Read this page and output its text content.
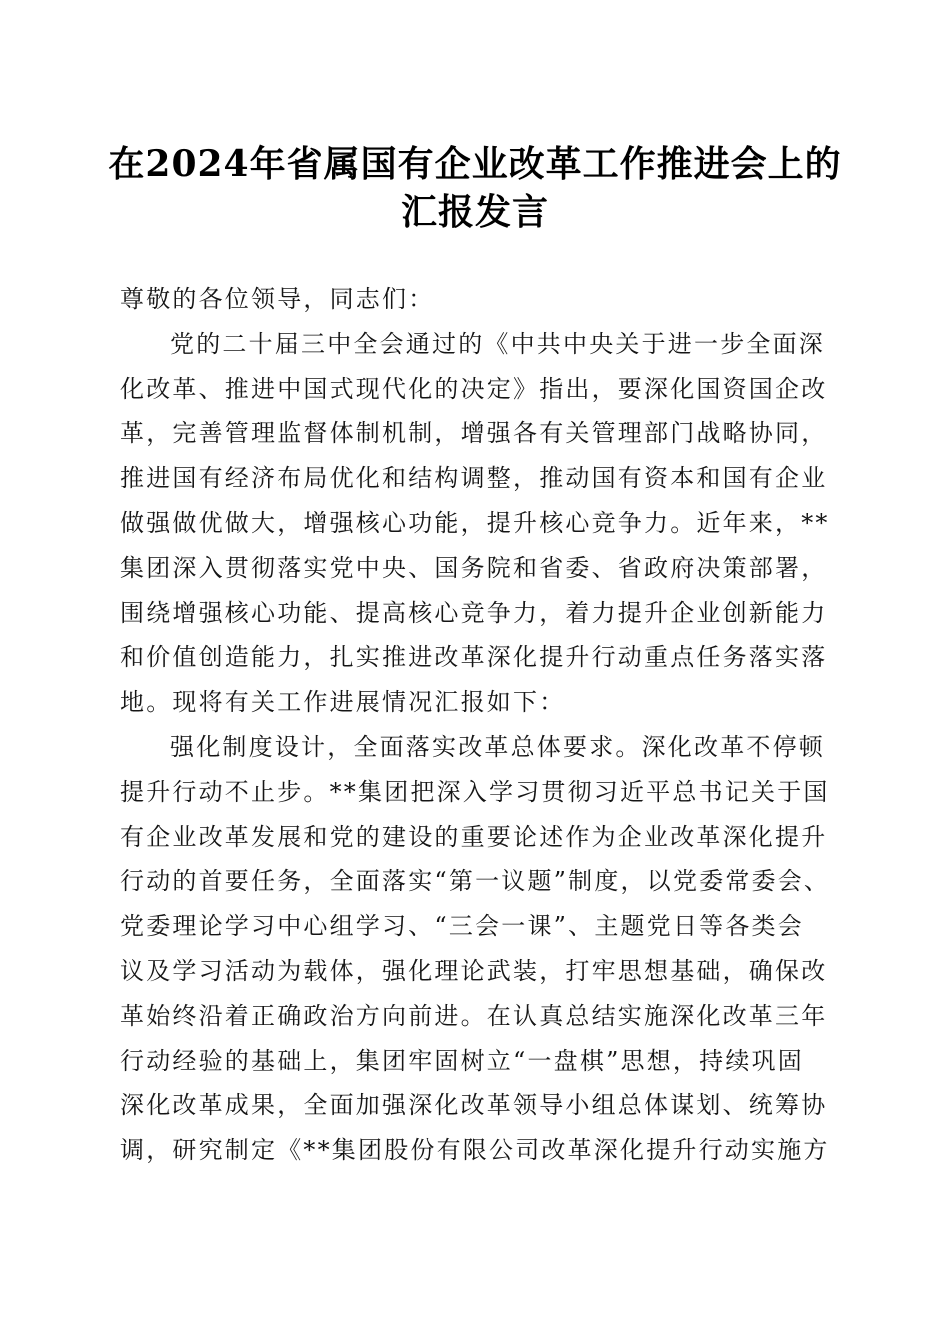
在2024年省属国有企业改革工作推进会上的
汇报发言
尊敬的各位领导，同志们：
党的二十届三中全会通过的《中共中央关于进一步全面深
化改革、推进中国式现代化的决定》指出，要深化国资国企改
革，完善管理监督体制机制，增强各有关管理部门战略协同，
推进国有经济布局优化和结构调整，推动国有资本和国有企业
做强做优做大，增强核心功能，提升核心竞争力。近年来，**
集团深入贯彻落实党中央、国务院和省委、省政府决策部署，
围绕增强核心功能、提高核心竞争力，着力提升企业创新能力
和价值创造能力，扎实推进改革深化提升行动重点任务落实落
地。现将有关工作进展情况汇报如下：
强化制度设计，全面落实改革总体要求。深化改革不停顿
提升行动不止步。**集团把深入学习贯彻习近平总书记关于国
有企业改革发展和党的建设的重要论述作为企业改革深化提升
行动的首要任务，全面落实“第一议题”制度，以党委常委会、
党委理论学习中心组学习、“三会一课”、主题党日等各类会
议及学习活动为载体，强化理论武装，打牢思想基础，确保改
革始终沿着正确政治方向前进。在认真总结实施深化改革三年
行动经验的基础上，集团牢固树立“一盘棋”思想，持续巩固
深化改革成果，全面加强深化改革领导小组总体谋划、统筹协
调，研究制定《**集团股份有限公司改革深化提升行动实施方
